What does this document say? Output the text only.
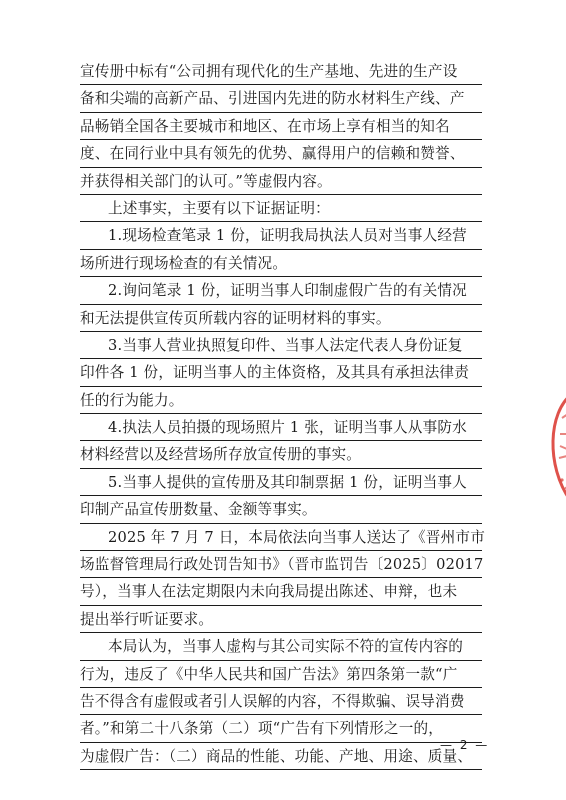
宣传册中标有“公司拥有现代化的生产基地、先进的生产设
备和尖端的高新产品、引进国内先进的防水材料生产线、产
品畅销全国各主要城市和地区、在市场上享有相当的知名
度、在同行业中具有领先的优势、赢得用户的信赖和赞誉、
并获得相关部门的认可。”等虚假内容。
上述事实，主要有以下证据证明：
1.现场检查笔录 1 份，证明我局执法人员对当事人经营
场所进行现场检查的有关情况。
2.询问笔录 1 份，证明当事人印制虚假广告的有关情况
和无法提供宣传页所载内容的证明材料的事实。
3.当事人营业执照复印件、当事人法定代表人身份证复
印件各 1 份，证明当事人的主体资格，及其具有承担法律责
任的行为能力。
4.执法人员拍摄的现场照片 1 张，证明当事人从事防水
材料经营以及经营场所存放宣传册的事实。
5.当事人提供的宣传册及其印制票据 1 份，证明当事人
印制产品宣传册数量、金额等事实。
2025 年 7 月 7 日，本局依法向当事人送达了《晋州市市
场监督管理局行政处罚告知书》（晋市监罚告〔2025〕02017
号），当事人在法定期限内未向我局提出陈述、申辩，也未
提出举行听证要求。
本局认为，当事人虚构与其公司实际不符的宣传内容的
行为，违反了《中华人民共和国广告法》第四条第一款“广
告不得含有虚假或者引人误解的内容，不得欺骗、误导消费
者。”和第二十八条第（二）项“广告有下列情形之一的，
为虚假广告：（二）商品的性能、功能、产地、用途、质量、
— 2 —
